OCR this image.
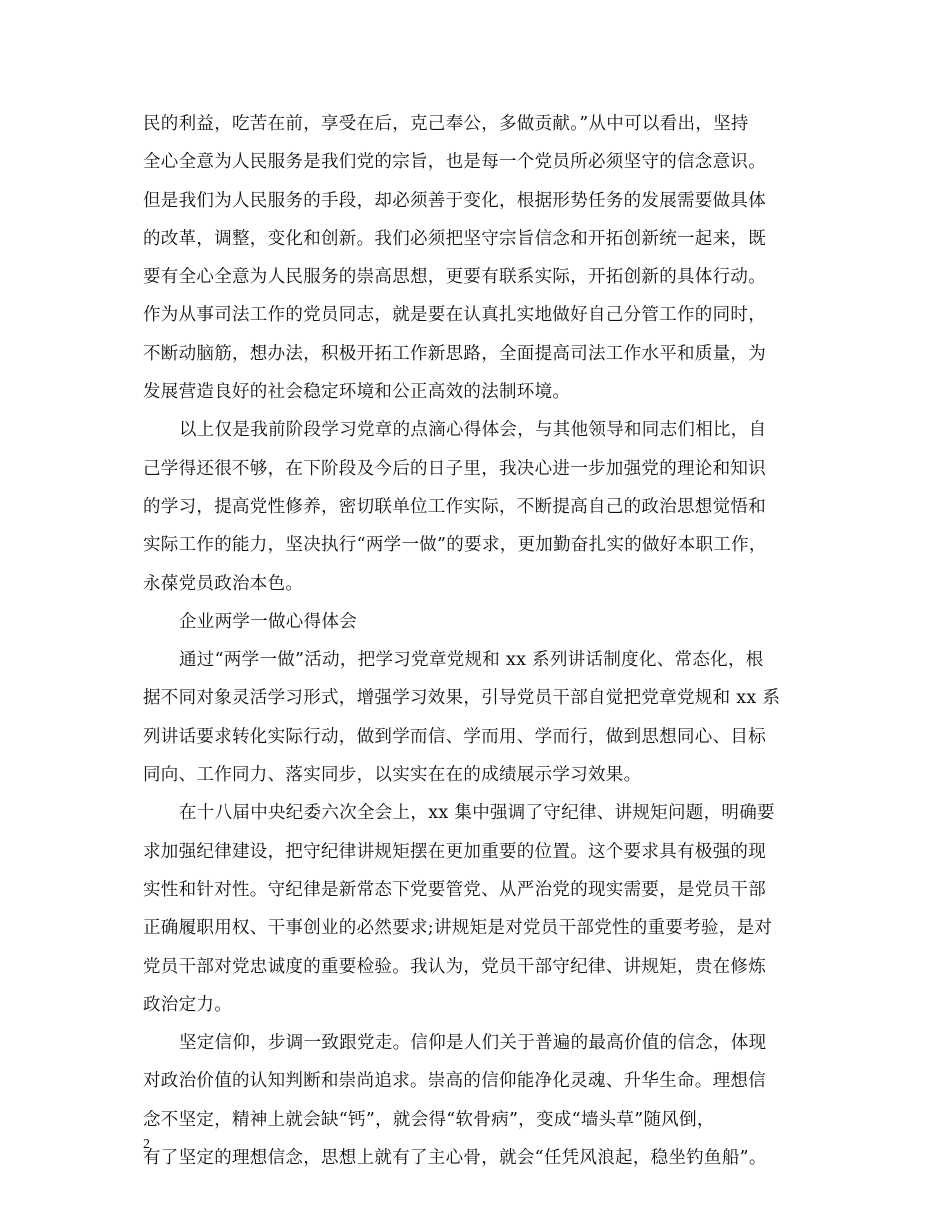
民的利益，吃苦在前，享受在后，克己奉公，多做贡献。”从中可以看出，坚持
全心全意为人民服务是我们党的宗旨，也是每一个党员所必须坚守的信念意识。
但是我们为人民服务的手段，却必须善于变化，根据形势任务的发展需要做具体
的改革，调整，变化和创新。我们必须把坚守宗旨信念和开拓创新统一起来，既
要有全心全意为人民服务的崇高思想，更要有联系实际，开拓创新的具体行动。
作为从事司法工作的党员同志，就是要在认真扎实地做好自己分管工作的同时，
不断动脑筋，想办法，积极开拓工作新思路，全面提高司法工作水平和质量，为
发展营造良好的社会稳定环境和公正高效的法制环境。
以上仅是我前阶段学习党章的点滴心得体会，与其他领导和同志们相比，自
己学得还很不够，在下阶段及今后的日子里，我决心进一步加强党的理论和知识
的学习，提高党性修养，密切联单位工作实际，不断提高自己的政治思想觉悟和
实际工作的能力，坚决执行“两学一做”的要求，更加勤奋扎实的做好本职工作，
永葆党员政治本色。
企业两学一做心得体会
通过“两学一做”活动，把学习党章党规和 xx 系列讲话制度化、常态化，根
据不同对象灵活学习形式，增强学习效果，引导党员干部自觉把党章党规和 xx 系
列讲话要求转化实际行动，做到学而信、学而用、学而行，做到思想同心、目标
同向、工作同力、落实同步，以实实在在的成绩展示学习效果。
在十八届中央纪委六次全会上，xx 集中强调了守纪律、讲规矩问题，明确要
求加强纪律建设，把守纪律讲规矩摆在更加重要的位置。这个要求具有极强的现
实性和针对性。守纪律是新常态下党要管党、从严治党的现实需要，是党员干部
正确履职用权、干事创业的必然要求;讲规矩是对党员干部党性的重要考验，是对
党员干部对党忠诚度的重要检验。我认为，党员干部守纪律、讲规矩，贵在修炼
政治定力。
坚定信仰，步调一致跟党走。信仰是人们关于普遍的最高价值的信念，体现
对政治价值的认知判断和崇尚追求。崇高的信仰能净化灵魂、升华生命。理想信
念不坚定，精神上就会缺“钙”，就会得“软骨病”，变成“墙头草”随风倒，
有了坚定的理想信念，思想上就有了主心骨，就会“任凭风浪起，稳坐钓鱼船”。
2
